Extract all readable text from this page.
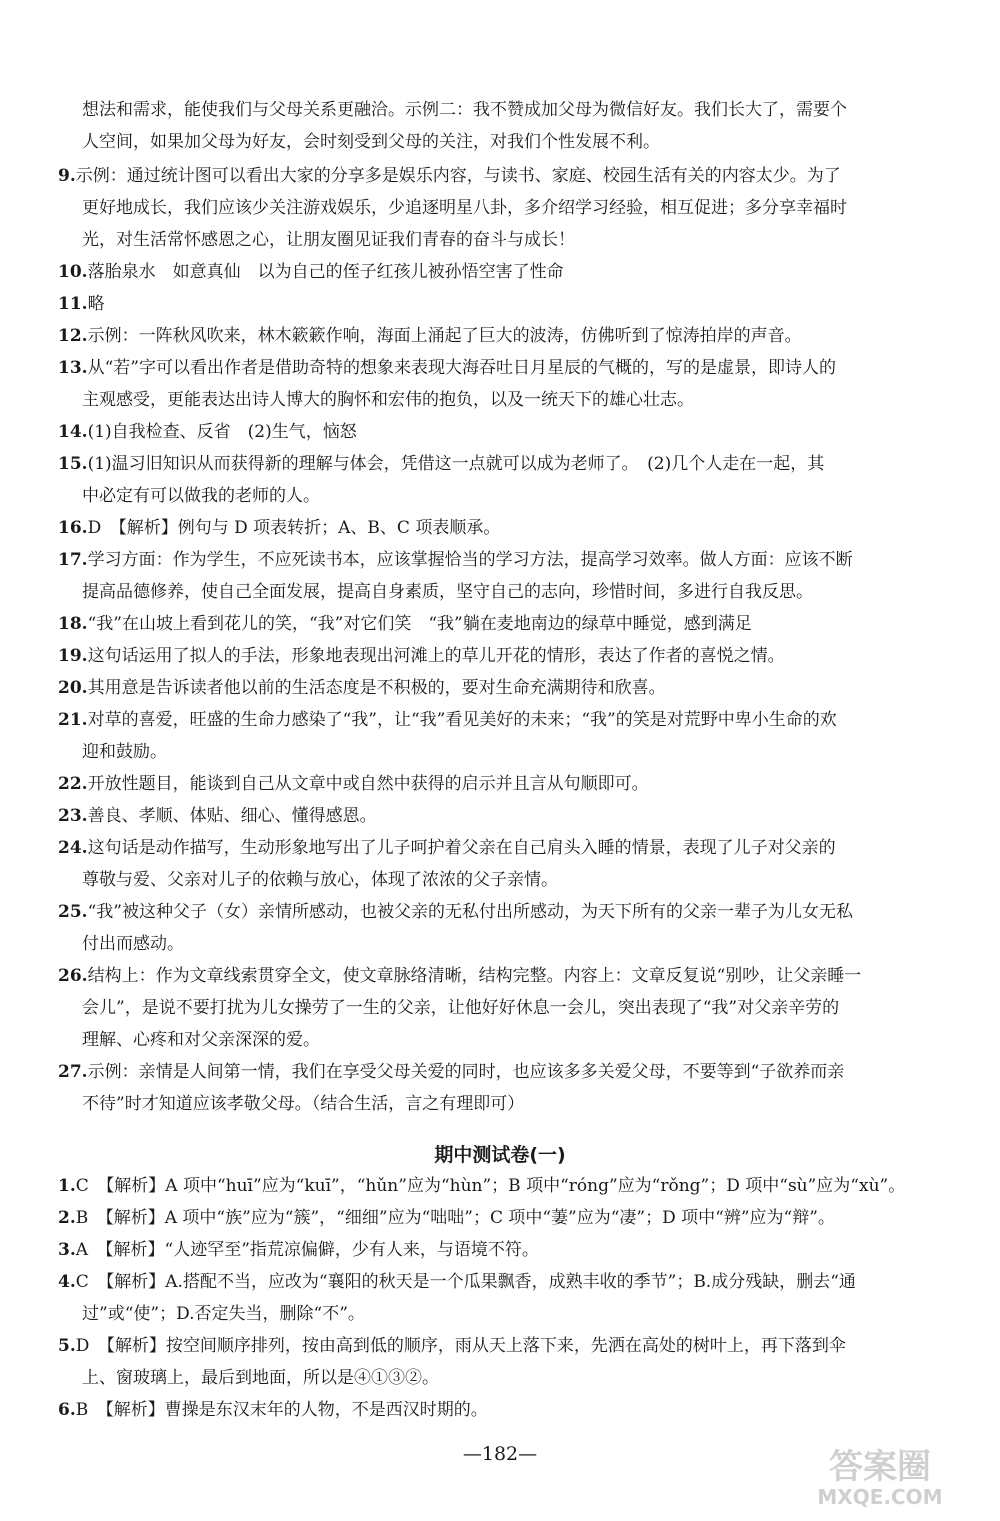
想法和需求，能使我们与父母关系更融洽。示例二：我不赞成加父母为微信好友。我们长大了，需要个
人空间，如果加父母为好友，会时刻受到父母的关注，对我们个性发展不利。
9.示例：通过统计图可以看出大家的分享多是娱乐内容，与读书、家庭、校园生活有关的内容太少。为了
更好地成长，我们应该少关注游戏娱乐，少追逐明星八卦，多介绍学习经验，相互促进；多分享幸福时
光，对生活常怀感恩之心，让朋友圈见证我们青春的奋斗与成长！
10.落胎泉水　如意真仙　以为自己的侄子红孩儿被孙悟空害了性命
11.略
12.示例：一阵秋风吹来，林木簌簌作响，海面上涌起了巨大的波涛，仿佛听到了惊涛拍岸的声音。
13.从“若”字可以看出作者是借助奇特的想象来表现大海吞吐日月星辰的气概的，写的是虚景，即诗人的
主观感受，更能表达出诗人博大的胸怀和宏伟的抱负，以及一统天下的雄心壮志。
14.(1)自我检查、反省　(2)生气，恼怒
15.(1)温习旧知识从而获得新的理解与体会，凭借这一点就可以成为老师了。　(2)几个人走在一起，其
中必定有可以做我的老师的人。
16.D　【解析】例句与 D 项表转折；A、B、C 项表顺承。
17.学习方面：作为学生，不应死读书本，应该掌握恰当的学习方法，提高学习效率。做人方面：应该不断
提高品德修养，使自己全面发展，提高自身素质，坚守自己的志向，珍惜时间，多进行自我反思。
18.“我”在山坡上看到花儿的笑，“我”对它们笑　“我”躺在麦地南边的绿草中睡觉，感到满足
19.这句话运用了拟人的手法，形象地表现出河滩上的草儿开花的情形，表达了作者的喜悦之情。
20.其用意是告诉读者他以前的生活态度是不积极的，要对生命充满期待和欣喜。
21.对草的喜爱，旺盛的生命力感染了“我”，让“我”看见美好的未来；“我”的笑是对荒野中卑小生命的欢
迎和鼓励。
22.开放性题目，能谈到自己从文章中或自然中获得的启示并且言从句顺即可。
23.善良、孝顺、体贴、细心、懂得感恩。
24.这句话是动作描写，生动形象地写出了儿子呵护着父亲在自己肩头入睡的情景，表现了儿子对父亲的
尊敬与爱、父亲对儿子的依赖与放心，体现了浓浓的父子亲情。
25.“我”被这种父子（女）亲情所感动，也被父亲的无私付出所感动，为天下所有的父亲一辈子为儿女无私
付出而感动。
26.结构上：作为文章线索贯穿全文，使文章脉络清晰，结构完整。内容上：文章反复说“别吵，让父亲睡一
会儿”，是说不要打扰为儿女操劳了一生的父亲，让他好好休息一会儿，突出表现了“我”对父亲辛劳的
理解、心疼和对父亲深深的爱。
27.示例：亲情是人间第一情，我们在享受父母关爱的同时，也应该多多关爱父母，不要等到“子欲养而亲
不待”时才知道应该孝敬父母。（结合生活，言之有理即可）
期中测试卷(一)
1.C　【解析】A 项中“huī”应为“kuī”，“hǔn”应为“hùn”；B 项中“róng”应为“rǒng”；D 项中“sù”应为“xù”。
2.B　【解析】A 项中“族”应为“簇”，“细细”应为“咄咄”；C 项中“萋”应为“凄”；D 项中“辨”应为“辩”。
3.A　【解析】“人迹罕至”指荒凉偏僻，少有人来，与语境不符。
4.C　【解析】A.搭配不当，应改为“襄阳的秋天是一个瓜果飘香，成熟丰收的季节”；B.成分残缺，删去“通
过”或“使”；D.否定失当，删除“不”。
5.D　【解析】按空间顺序排列，按由高到低的顺序，雨从天上落下来，先洒在高处的树叶上，再下落到伞
上、窗玻璃上，最后到地面，所以是④①③②。
6.B　【解析】曹操是东汉末年的人物，不是西汉时期的。
—182—	答案圈
MXQE.COM
